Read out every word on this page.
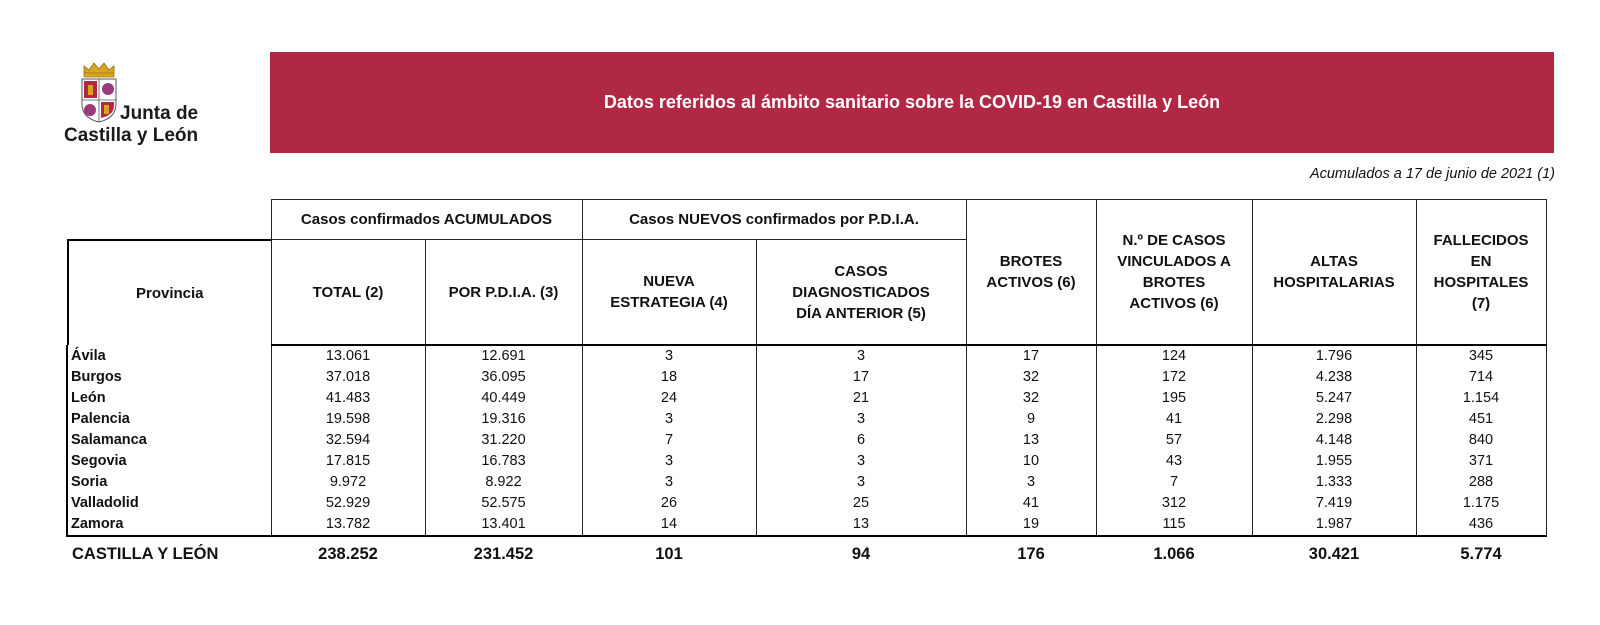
Junta de
Castilla y León
Datos referidos al ámbito sanitario sobre la COVID-19 en Castilla y León
Acumulados a 17 de junio de 2021 (1)
Provincia	Casos confirmados ACUMULADOS		Casos NUEVOS confirmados por P.D.I.A.		BROTES ACTIVOS (6)	N.º DE CASOS VINCULADOS A BROTES ACTIVOS (6)	ALTAS HOSPITALARIAS	FALLECIDOS EN HOSPITALES (7)
	TOTAL (2)	POR P.D.I.A. (3)	NUEVA ESTRATEGIA (4)	CASOS DIAGNOSTICADOS DÍA ANTERIOR (5)				
Ávila	13.061	12.691	3	3	17	124	1.796	345
Burgos	37.018	36.095	18	17	32	172	4.238	714
León	41.483	40.449	24	21	32	195	5.247	1.154
Palencia	19.598	19.316	3	3	9	41	2.298	451
Salamanca	32.594	31.220	7	6	13	57	4.148	840
Segovia	17.815	16.783	3	3	10	43	1.955	371
Soria	9.972	8.922	3	3	3	7	1.333	288
Valladolid	52.929	52.575	26	25	41	312	7.419	1.175
Zamora	13.782	13.401	14	13	19	115	1.987	436
CASTILLA Y LEÓN	238.252	231.452	101	94	176	1.066	30.421	5.774
